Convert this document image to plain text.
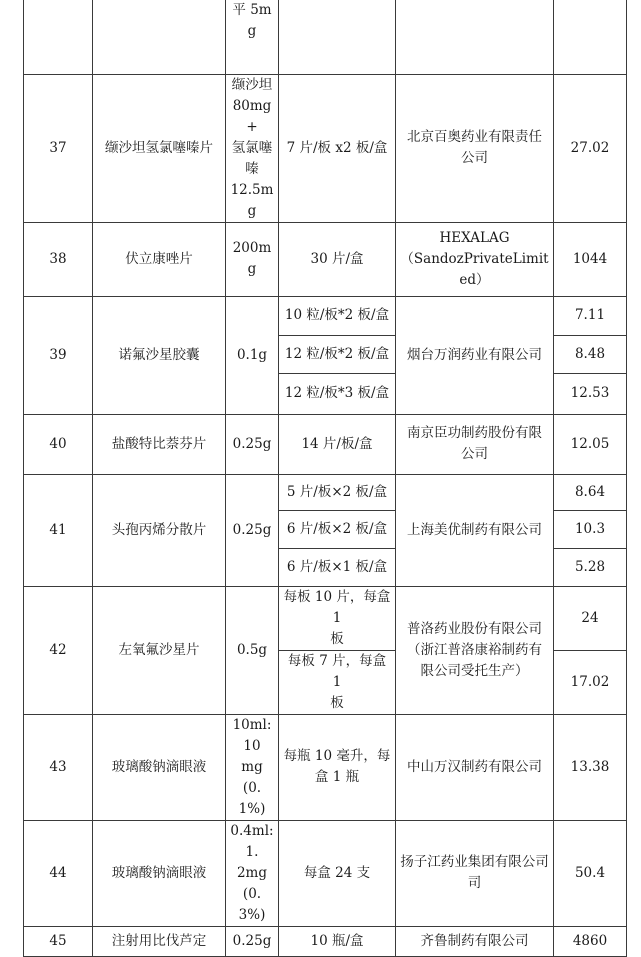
		平 5mg			
37	缬沙坦氢氯噻嗪片	缬沙坦
80mg+
氢氯噻
嗪
12.5mg	7 片/板 x2 板/盒	北京百奥药业有限责任
公司	27.02
38	伏立康唑片	200mg	30 片/盒	HEXALAG
（SandozPrivateLimited）	1044
39	诺氟沙星胶囊	0.1g	10 粒/板*2 板/盒	烟台万润药业有限公司	7.11
			12 粒/板*2 板/盒		8.48
			12 粒/板*3 板/盒		12.53
40	盐酸特比萘芬片	0.25g	14 片/板/盒	南京臣功制药股份有限
公司	12.05
41	头孢丙烯分散片	0.25g	5 片/板×2 板/盒	上海美优制药有限公司	8.64
			6 片/板×2 板/盒		10.3
			6 片/板×1 板/盒		5.28
42	左氧氟沙星片	0.5g	每板 10 片，每盒 1
板	普洛药业股份有限公司
（浙江普洛康裕制药有
限公司受托生产）	24
			每板 7 片，每盒 1
板		17.02
43	玻璃酸钠滴眼液	10ml:10
mg
(0.1%)	每瓶 10 毫升，每
盒 1 瓶	中山万汉制药有限公司	13.38
44	玻璃酸钠滴眼液	0.4ml:1.
2mg
(0.3%)	每盒 24 支	扬子江药业集团有限公司
司	50.4
45	注射用比伐芦定	0.25g	10 瓶/盒	齐鲁制药有限公司	4860
